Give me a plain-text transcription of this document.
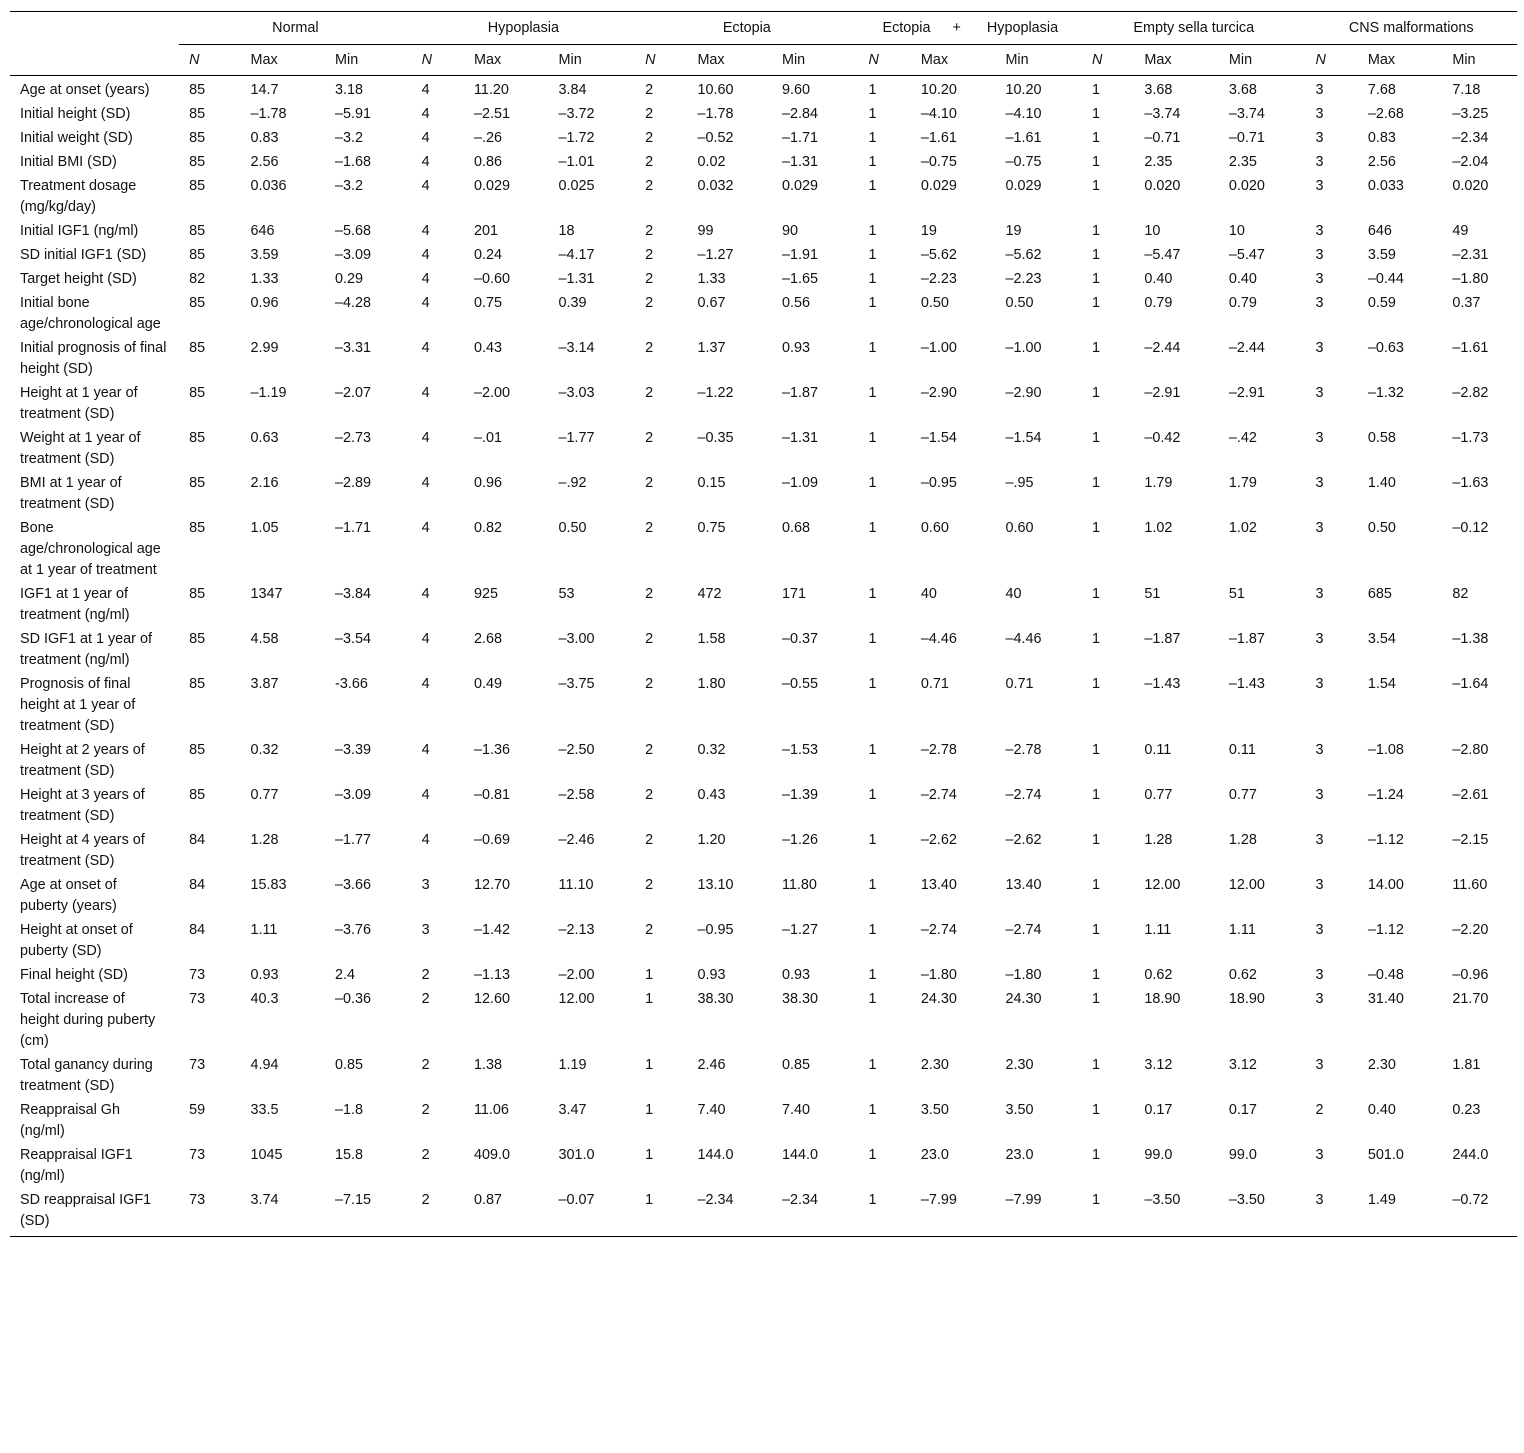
	Normal			Hypoplasia			Ectopia			Ectopia + Hypoplasia			Empty sella turcica			CNS malformations		
	N	Max	Min	N	Max	Min	N	Max	Min	N	Max	Min	N	Max	Min	N	Max	Min
Age at onset (years)	85	14.7	3.18	4	11.20	3.84	2	10.60	9.60	1	10.20	10.20	1	3.68	3.68	3	7.68	7.18
Initial height (SD)	85	–1.78	–5.91	4	–2.51	–3.72	2	–1.78	–2.84	1	–4.10	–4.10	1	–3.74	–3.74	3	–2.68	–3.25
Initial weight (SD)	85	0.83	–3.2	4	–.26	–1.72	2	–0.52	–1.71	1	–1.61	–1.61	1	–0.71	–0.71	3	0.83	–2.34
Initial BMI (SD)	85	2.56	–1.68	4	0.86	–1.01	2	0.02	–1.31	1	–0.75	–0.75	1	2.35	2.35	3	2.56	–2.04
Treatment dosage (mg/kg/day)	85	0.036	–3.2	4	0.029	0.025	2	0.032	0.029	1	0.029	0.029	1	0.020	0.020	3	0.033	0.020
Initial IGF1 (ng/ml)	85	646	–5.68	4	201	18	2	99	90	1	19	19	1	10	10	3	646	49
SD initial IGF1 (SD)	85	3.59	–3.09	4	0.24	–4.17	2	–1.27	–1.91	1	–5.62	–5.62	1	–5.47	–5.47	3	3.59	–2.31
Target height (SD)	82	1.33	0.29	4	–0.60	–1.31	2	1.33	–1.65	1	–2.23	–2.23	1	0.40	0.40	3	–0.44	–1.80
Initial bone age/chronological age	85	0.96	–4.28	4	0.75	0.39	2	0.67	0.56	1	0.50	0.50	1	0.79	0.79	3	0.59	0.37
Initial prognosis of final height (SD)	85	2.99	–3.31	4	0.43	–3.14	2	1.37	0.93	1	–1.00	–1.00	1	–2.44	–2.44	3	–0.63	–1.61
Height at 1 year of treatment (SD)	85	–1.19	–2.07	4	–2.00	–3.03	2	–1.22	–1.87	1	–2.90	–2.90	1	–2.91	–2.91	3	–1.32	–2.82
Weight at 1 year of treatment (SD)	85	0.63	–2.73	4	–.01	–1.77	2	–0.35	–1.31	1	–1.54	–1.54	1	–0.42	–.42	3	0.58	–1.73
BMI at 1 year of treatment (SD)	85	2.16	–2.89	4	0.96	–.92	2	0.15	–1.09	1	–0.95	–.95	1	1.79	1.79	3	1.40	–1.63
Bone age/chronological age at 1 year of treatment	85	1.05	–1.71	4	0.82	0.50	2	0.75	0.68	1	0.60	0.60	1	1.02	1.02	3	0.50	–0.12
IGF1 at 1 year of treatment (ng/ml)	85	1347	–3.84	4	925	53	2	472	171	1	40	40	1	51	51	3	685	82
SD IGF1 at 1 year of treatment (ng/ml)	85	4.58	–3.54	4	2.68	–3.00	2	1.58	–0.37	1	–4.46	–4.46	1	–1.87	–1.87	3	3.54	–1.38
Prognosis of final height at 1 year of treatment (SD)	85	3.87	-3.66	4	0.49	–3.75	2	1.80	–0.55	1	0.71	0.71	1	–1.43	–1.43	3	1.54	–1.64
Height at 2 years of treatment (SD)	85	0.32	–3.39	4	–1.36	–2.50	2	0.32	–1.53	1	–2.78	–2.78	1	0.11	0.11	3	–1.08	–2.80
Height at 3 years of treatment (SD)	85	0.77	–3.09	4	–0.81	–2.58	2	0.43	–1.39	1	–2.74	–2.74	1	0.77	0.77	3	–1.24	–2.61
Height at 4 years of treatment (SD)	84	1.28	–1.77	4	–0.69	–2.46	2	1.20	–1.26	1	–2.62	–2.62	1	1.28	1.28	3	–1.12	–2.15
Age at onset of puberty (years)	84	15.83	–3.66	3	12.70	11.10	2	13.10	11.80	1	13.40	13.40	1	12.00	12.00	3	14.00	11.60
Height at onset of puberty (SD)	84	1.11	–3.76	3	–1.42	–2.13	2	–0.95	–1.27	1	–2.74	–2.74	1	1.11	1.11	3	–1.12	–2.20
Final height (SD)	73	0.93	2.4	2	–1.13	–2.00	1	0.93	0.93	1	–1.80	–1.80	1	0.62	0.62	3	–0.48	–0.96
Total increase of height during puberty (cm)	73	40.3	–0.36	2	12.60	12.00	1	38.30	38.30	1	24.30	24.30	1	18.90	18.90	3	31.40	21.70
Total ganancy during treatment (SD)	73	4.94	0.85	2	1.38	1.19	1	2.46	0.85	1	2.30	2.30	1	3.12	3.12	3	2.30	1.81
Reappraisal Gh (ng/ml)	59	33.5	–1.8	2	11.06	3.47	1	7.40	7.40	1	3.50	3.50	1	0.17	0.17	2	0.40	0.23
Reappraisal IGF1 (ng/ml)	73	1045	15.8	2	409.0	301.0	1	144.0	144.0	1	23.0	23.0	1	99.0	99.0	3	501.0	244.0
SD reappraisal IGF1 (SD)	73	3.74	–7.15	2	0.87	–0.07	1	–2.34	–2.34	1	–7.99	–7.99	1	–3.50	–3.50	3	1.49	–0.72
